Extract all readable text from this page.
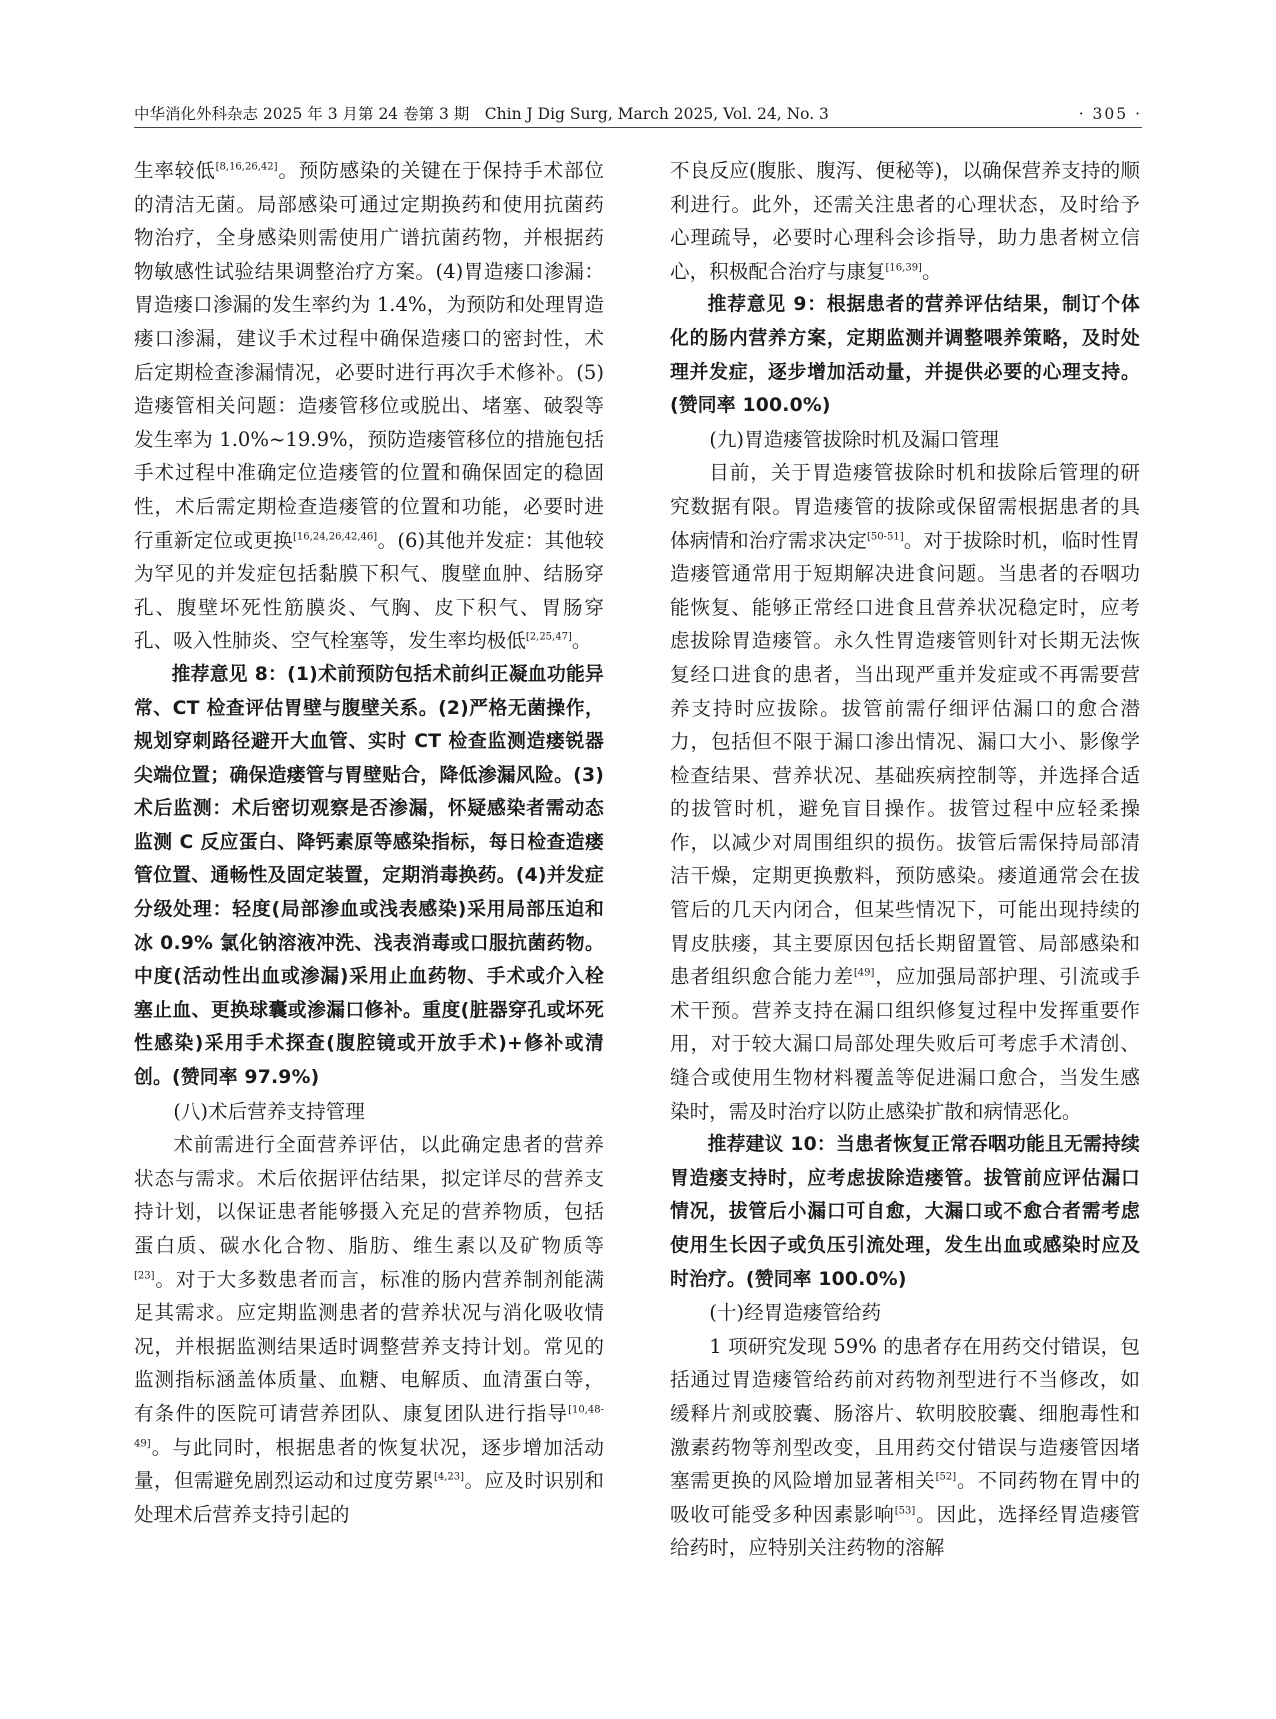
中华消化外科杂志 2025 年 3 月第 24 卷第 3 期　Chin J Dig Surg, March 2025, Vol. 24, No. 3	· 305 ·

生率较低[8,16,26,42]。预防感染的关键在于保持手术部位的清洁无菌。局部感染可通过定期换药和使用抗菌药物治疗，全身感染则需使用广谱抗菌药物，并根据药物敏感性试验结果调整治疗方案。(4)胃造瘘口渗漏：胃造瘘口渗漏的发生率约为 1.4%，为预防和处理胃造瘘口渗漏，建议手术过程中确保造瘘口的密封性，术后定期检查渗漏情况，必要时进行再次手术修补。(5)造瘘管相关问题：造瘘管移位或脱出、堵塞、破裂等发生率为 1.0%~19.9%，预防造瘘管移位的措施包括手术过程中准确定位造瘘管的位置和确保固定的稳固性，术后需定期检查造瘘管的位置和功能，必要时进行重新定位或更换[16,24,26,42,46]。(6)其他并发症：其他较为罕见的并发症包括黏膜下积气、腹壁血肿、结肠穿孔、腹壁坏死性筋膜炎、气胸、皮下积气、胃肠穿孔、吸入性肺炎、空气栓塞等，发生率均极低[2,25,47]。

推荐意见 8：(1)术前预防包括术前纠正凝血功能异常、CT 检查评估胃壁与腹壁关系。(2)严格无菌操作，规划穿刺路径避开大血管、实时 CT 检查监测造瘘锐器尖端位置；确保造瘘管与胃壁贴合，降低渗漏风险。(3)术后监测：术后密切观察是否渗漏，怀疑感染者需动态监测 C 反应蛋白、降钙素原等感染指标，每日检查造瘘管位置、通畅性及固定装置，定期消毒换药。(4)并发症分级处理：轻度(局部渗血或浅表感染)采用局部压迫和冰 0.9% 氯化钠溶液冲洗、浅表消毒或口服抗菌药物。中度(活动性出血或渗漏)采用止血药物、手术或介入栓塞止血、更换球囊或渗漏口修补。重度(脏器穿孔或坏死性感染)采用手术探查(腹腔镜或开放手术)+修补或清创。(赞同率 97.9%)

(八)术后营养支持管理

术前需进行全面营养评估，以此确定患者的营养状态与需求。术后依据评估结果，拟定详尽的营养支持计划，以保证患者能够摄入充足的营养物质，包括蛋白质、碳水化合物、脂肪、维生素以及矿物质等[23]。对于大多数患者而言，标准的肠内营养制剂能满足其需求。应定期监测患者的营养状况与消化吸收情况，并根据监测结果适时调整营养支持计划。常见的监测指标涵盖体质量、血糖、电解质、血清蛋白等，有条件的医院可请营养团队、康复团队进行指导[10,48-49]。与此同时，根据患者的恢复状况，逐步增加活动量，但需避免剧烈运动和过度劳累[4,23]。应及时识别和处理术后营养支持引起的

不良反应(腹胀、腹泻、便秘等)，以确保营养支持的顺利进行。此外，还需关注患者的心理状态，及时给予心理疏导，必要时心理科会诊指导，助力患者树立信心，积极配合治疗与康复[16,39]。

推荐意见 9：根据患者的营养评估结果，制订个体化的肠内营养方案，定期监测并调整喂养策略，及时处理并发症，逐步增加活动量，并提供必要的心理支持。(赞同率 100.0%)

(九)胃造瘘管拔除时机及漏口管理

目前，关于胃造瘘管拔除时机和拔除后管理的研究数据有限。胃造瘘管的拔除或保留需根据患者的具体病情和治疗需求决定[50-51]。对于拔除时机，临时性胃造瘘管通常用于短期解决进食问题。当患者的吞咽功能恢复、能够正常经口进食且营养状况稳定时，应考虑拔除胃造瘘管。永久性胃造瘘管则针对长期无法恢复经口进食的患者，当出现严重并发症或不再需要营养支持时应拔除。拔管前需仔细评估漏口的愈合潜力，包括但不限于漏口渗出情况、漏口大小、影像学检查结果、营养状况、基础疾病控制等，并选择合适的拔管时机，避免盲目操作。拔管过程中应轻柔操作，以减少对周围组织的损伤。拔管后需保持局部清洁干燥，定期更换敷料，预防感染。瘘道通常会在拔管后的几天内闭合，但某些情况下，可能出现持续的胃皮肤瘘，其主要原因包括长期留置管、局部感染和患者组织愈合能力差[49]，应加强局部护理、引流或手术干预。营养支持在漏口组织修复过程中发挥重要作用，对于较大漏口局部处理失败后可考虑手术清创、缝合或使用生物材料覆盖等促进漏口愈合，当发生感染时，需及时治疗以防止感染扩散和病情恶化。

推荐建议 10：当患者恢复正常吞咽功能且无需持续胃造瘘支持时，应考虑拔除造瘘管。拔管前应评估漏口情况，拔管后小漏口可自愈，大漏口或不愈合者需考虑使用生长因子或负压引流处理，发生出血或感染时应及时治疗。(赞同率 100.0%)

(十)经胃造瘘管给药

1 项研究发现 59% 的患者存在用药交付错误，包括通过胃造瘘管给药前对药物剂型进行不当修改，如缓释片剂或胶囊、肠溶片、软明胶胶囊、细胞毒性和激素药物等剂型改变，且用药交付错误与造瘘管因堵塞需更换的风险增加显著相关[52]。不同药物在胃中的吸收可能受多种因素影响[53]。因此，选择经胃造瘘管给药时，应特别关注药物的溶解
